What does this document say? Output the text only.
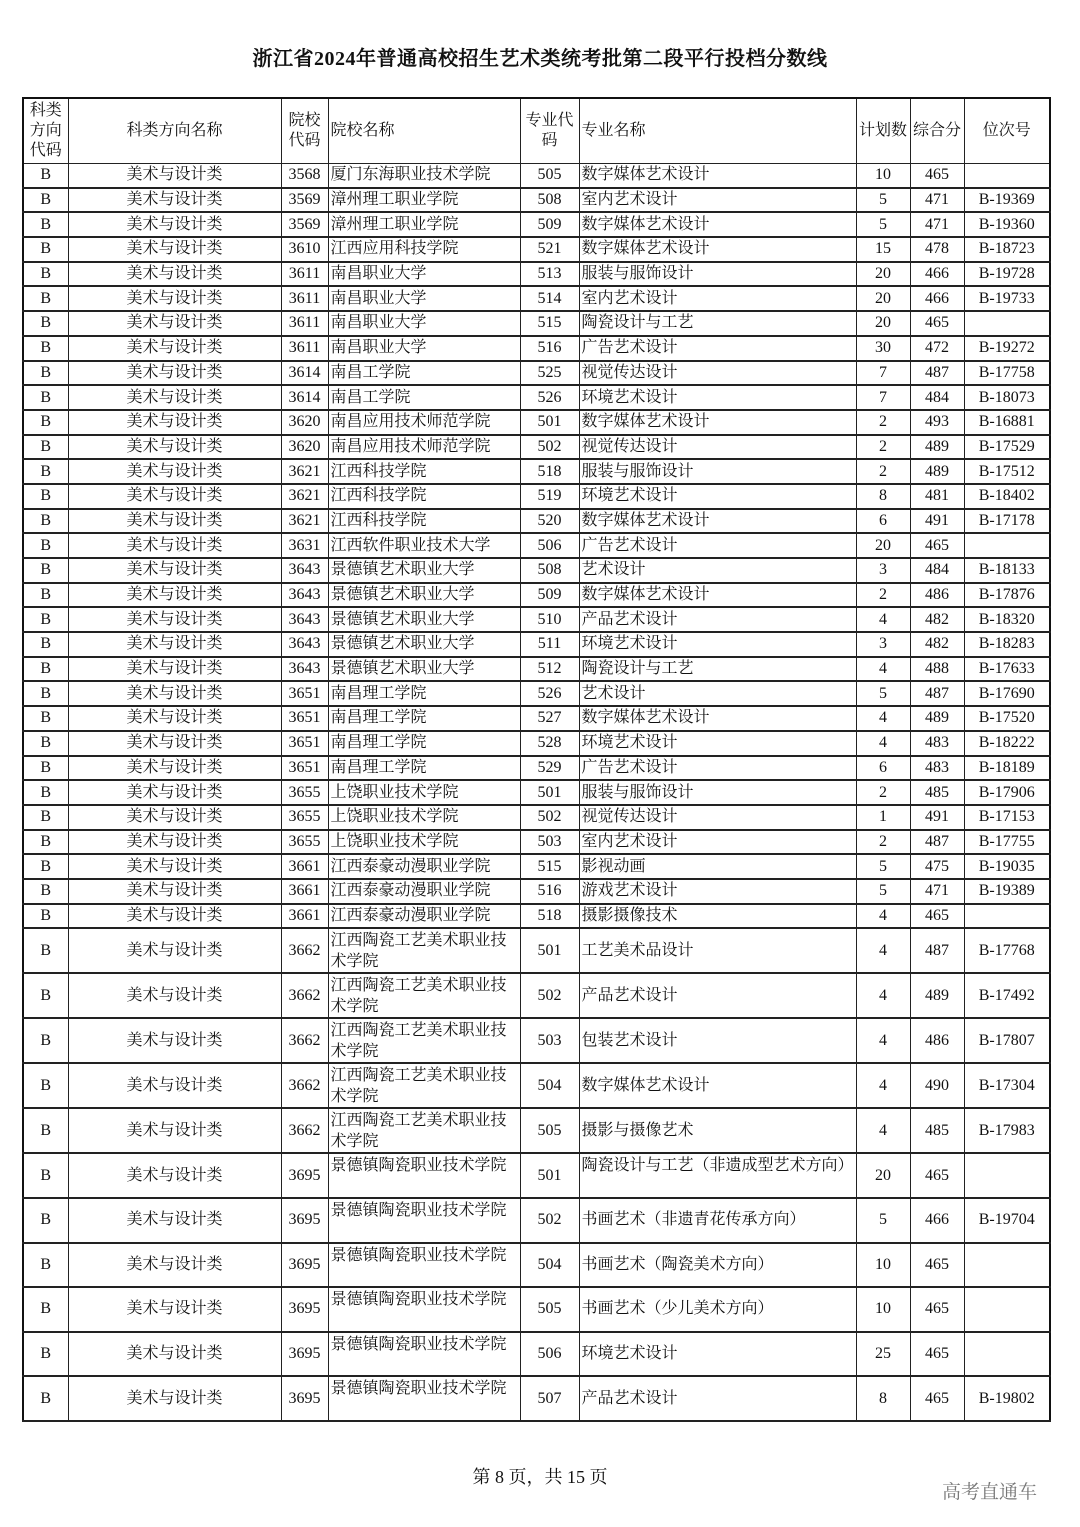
浙江省2024年普通高校招生艺术类统考批第二段平行投档分数线
科类方向代码	科类方向名称	院校代码	院校名称	专业代码	专业名称	计划数	综合分	位次号
B	美术与设计类	3568	厦门东海职业技术学院	505	数字媒体艺术设计	10	465	
B	美术与设计类	3569	漳州理工职业学院	508	室内艺术设计	5	471	B-19369
B	美术与设计类	3569	漳州理工职业学院	509	数字媒体艺术设计	5	471	B-19360
B	美术与设计类	3610	江西应用科技学院	521	数字媒体艺术设计	15	478	B-18723
B	美术与设计类	3611	南昌职业大学	513	服装与服饰设计	20	466	B-19728
B	美术与设计类	3611	南昌职业大学	514	室内艺术设计	20	466	B-19733
B	美术与设计类	3611	南昌职业大学	515	陶瓷设计与工艺	20	465	
B	美术与设计类	3611	南昌职业大学	516	广告艺术设计	30	472	B-19272
B	美术与设计类	3614	南昌工学院	525	视觉传达设计	7	487	B-17758
B	美术与设计类	3614	南昌工学院	526	环境艺术设计	7	484	B-18073
B	美术与设计类	3620	南昌应用技术师范学院	501	数字媒体艺术设计	2	493	B-16881
B	美术与设计类	3620	南昌应用技术师范学院	502	视觉传达设计	2	489	B-17529
B	美术与设计类	3621	江西科技学院	518	服装与服饰设计	2	489	B-17512
B	美术与设计类	3621	江西科技学院	519	环境艺术设计	8	481	B-18402
B	美术与设计类	3621	江西科技学院	520	数字媒体艺术设计	6	491	B-17178
B	美术与设计类	3631	江西软件职业技术大学	506	广告艺术设计	20	465	
B	美术与设计类	3643	景德镇艺术职业大学	508	艺术设计	3	484	B-18133
B	美术与设计类	3643	景德镇艺术职业大学	509	数字媒体艺术设计	2	486	B-17876
B	美术与设计类	3643	景德镇艺术职业大学	510	产品艺术设计	4	482	B-18320
B	美术与设计类	3643	景德镇艺术职业大学	511	环境艺术设计	3	482	B-18283
B	美术与设计类	3643	景德镇艺术职业大学	512	陶瓷设计与工艺	4	488	B-17633
B	美术与设计类	3651	南昌理工学院	526	艺术设计	5	487	B-17690
B	美术与设计类	3651	南昌理工学院	527	数字媒体艺术设计	4	489	B-17520
B	美术与设计类	3651	南昌理工学院	528	环境艺术设计	4	483	B-18222
B	美术与设计类	3651	南昌理工学院	529	广告艺术设计	6	483	B-18189
B	美术与设计类	3655	上饶职业技术学院	501	服装与服饰设计	2	485	B-17906
B	美术与设计类	3655	上饶职业技术学院	502	视觉传达设计	1	491	B-17153
B	美术与设计类	3655	上饶职业技术学院	503	室内艺术设计	2	487	B-17755
B	美术与设计类	3661	江西泰豪动漫职业学院	515	影视动画	5	475	B-19035
B	美术与设计类	3661	江西泰豪动漫职业学院	516	游戏艺术设计	5	471	B-19389
B	美术与设计类	3661	江西泰豪动漫职业学院	518	摄影摄像技术	4	465	
B	美术与设计类	3662	江西陶瓷工艺美术职业技术学院	501	工艺美术品设计	4	487	B-17768
B	美术与设计类	3662	江西陶瓷工艺美术职业技术学院	502	产品艺术设计	4	489	B-17492
B	美术与设计类	3662	江西陶瓷工艺美术职业技术学院	503	包装艺术设计	4	486	B-17807
B	美术与设计类	3662	江西陶瓷工艺美术职业技术学院	504	数字媒体艺术设计	4	490	B-17304
B	美术与设计类	3662	江西陶瓷工艺美术职业技术学院	505	摄影与摄像艺术	4	485	B-17983
B	美术与设计类	3695	景德镇陶瓷职业技术学院	501	陶瓷设计与工艺（非遗成型艺术方向）	20	465	
B	美术与设计类	3695	景德镇陶瓷职业技术学院	502	书画艺术（非遗青花传承方向）	5	466	B-19704
B	美术与设计类	3695	景德镇陶瓷职业技术学院	504	书画艺术（陶瓷美术方向）	10	465	
B	美术与设计类	3695	景德镇陶瓷职业技术学院	505	书画艺术（少儿美术方向）	10	465	
B	美术与设计类	3695	景德镇陶瓷职业技术学院	506	环境艺术设计	25	465	
B	美术与设计类	3695	景德镇陶瓷职业技术学院	507	产品艺术设计	8	465	B-19802
第 8 页，共 15 页
高考直通车
